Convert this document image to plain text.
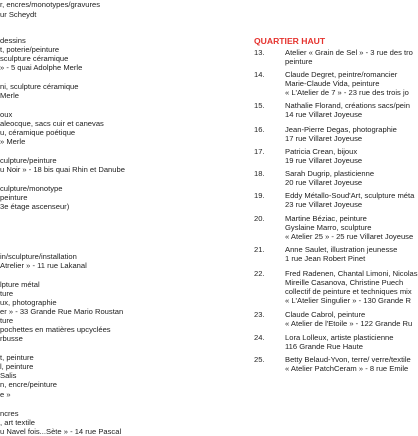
r, encres/monotypes/gravures
ur Scheydt
dessins
t, poterie/peinture
sculpture céramique
» - 5 quai Adolphe Merle
ni, sculpture céramique
Merle
oux
aleocque, sacs cuir et canevas
u, céramique poétique
» Merle
culpture/peinture
u Noir » - 18 bis quai Rhin et Danube
culpture/monotype
peinture
3e étage ascenseur)
in/sculpture/installation
Atrelier » - 11 rue Lakanal
lpture métal
ture
ux, photographie
er » - 33 Grande Rue Mario Roustan
ture
pochettes en matières upcyclées
rbusse
t, peinture
l, peinture
Salis
n, encre/peinture
e »
ncres
, art textile
u Navel fois...Sète » - 14 rue Pascal
QUARTIER HAUT
13.	Atelier « Grain de Sel » - 3 rue des tro
peinture
14.	Claude Degret, peintre/romancier
Marie-Claude Vida, peinture
« L'Atelier de 7 » - 23 rue des trois jo
15.	Nathalie Florand, créations sacs/pein
14 rue Villaret Joyeuse
16.	Jean-Pierre Degas, photographie
17 rue Villaret Joyeuse
17.	Patricia Crean, bijoux
19 rue Villaret Joyeuse
18.	Sarah Dugrip, plasticienne
20 rue Villaret Joyeuse
19.	Eddy Métallo-Soud'Art, sculpture méta
23 rue Villaret Joyeuse
20.	Martine Béziac, peinture
Gyslaine Marro, sculpture
« Atelier 25 » - 25 rue Villaret Joyeuse
21.	Anne Saulet, illustration jeunesse
1 rue Jean Robert Pinet
22.	Fred Radenen, Chantal Limoni, Nicolas
Mireille Casanova, Christine Puech
collectif de peinture et techniques mix
« L'Atelier Singulier » - 130 Grande R
23.	Claude Cabrol, peinture
« Atelier de l'Etoile » - 122 Grande Ru
24.	Lora Lolleux, artiste plasticienne
116 Grande Rue Haute
25.	Betty Belaud-Yvon, terre/ verre/textile
« Atelier PatchCeram » - 8 rue Emile
